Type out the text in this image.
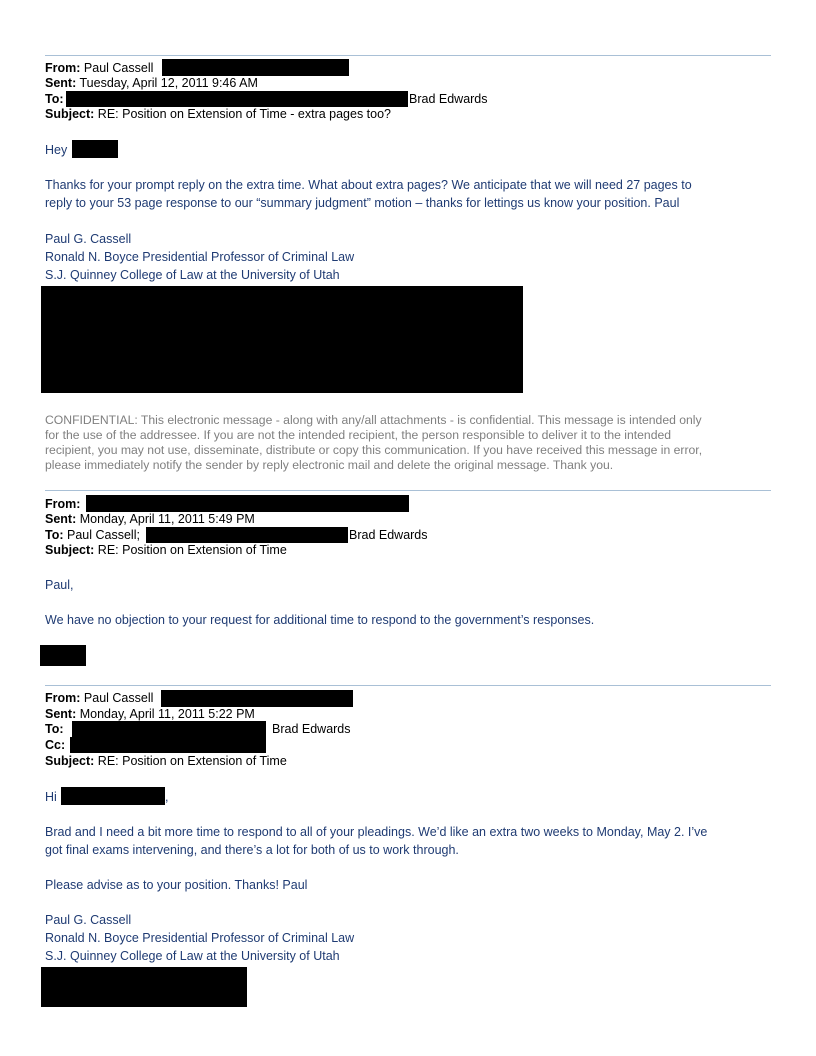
From: Paul Cassell
Sent: Tuesday, April 12, 2011 9:46 AM
To:	Brad Edwards
Subject: RE: Position on Extension of Time - extra pages too?
Hey
Thanks for your prompt reply on the extra time. What about extra pages? We anticipate that we will need 27 pages to
reply to your 53 page response to our “summary judgment” motion – thanks for lettings us know your position. Paul
Paul G. Cassell
Ronald N. Boyce Presidential Professor of Criminal Law
S.J. Quinney College of Law at the University of Utah
CONFIDENTIAL: This electronic message - along with any/all attachments - is confidential. This message is intended only
for the use of the addressee. If you are not the intended recipient, the person responsible to deliver it to the intended
recipient, you may not use, disseminate, distribute or copy this communication. If you have received this message in error,
please immediately notify the sender by reply electronic mail and delete the original message. Thank you.
From:
Sent: Monday, April 11, 2011 5:49 PM
To: Paul Cassell;	Brad Edwards
Subject: RE: Position on Extension of Time
Paul,
We have no objection to your request for additional time to respond to the government’s responses.
From: Paul Cassell
Sent: Monday, April 11, 2011 5:22 PM
To:	Brad Edwards
Cc:
Subject: RE: Position on Extension of Time
Hi	,
Brad and I need a bit more time to respond to all of your pleadings. We’d like an extra two weeks to Monday, May 2. I’ve
got final exams intervening, and there’s a lot for both of us to work through.
Please advise as to your position. Thanks! Paul
Paul G. Cassell
Ronald N. Boyce Presidential Professor of Criminal Law
S.J. Quinney College of Law at the University of Utah
